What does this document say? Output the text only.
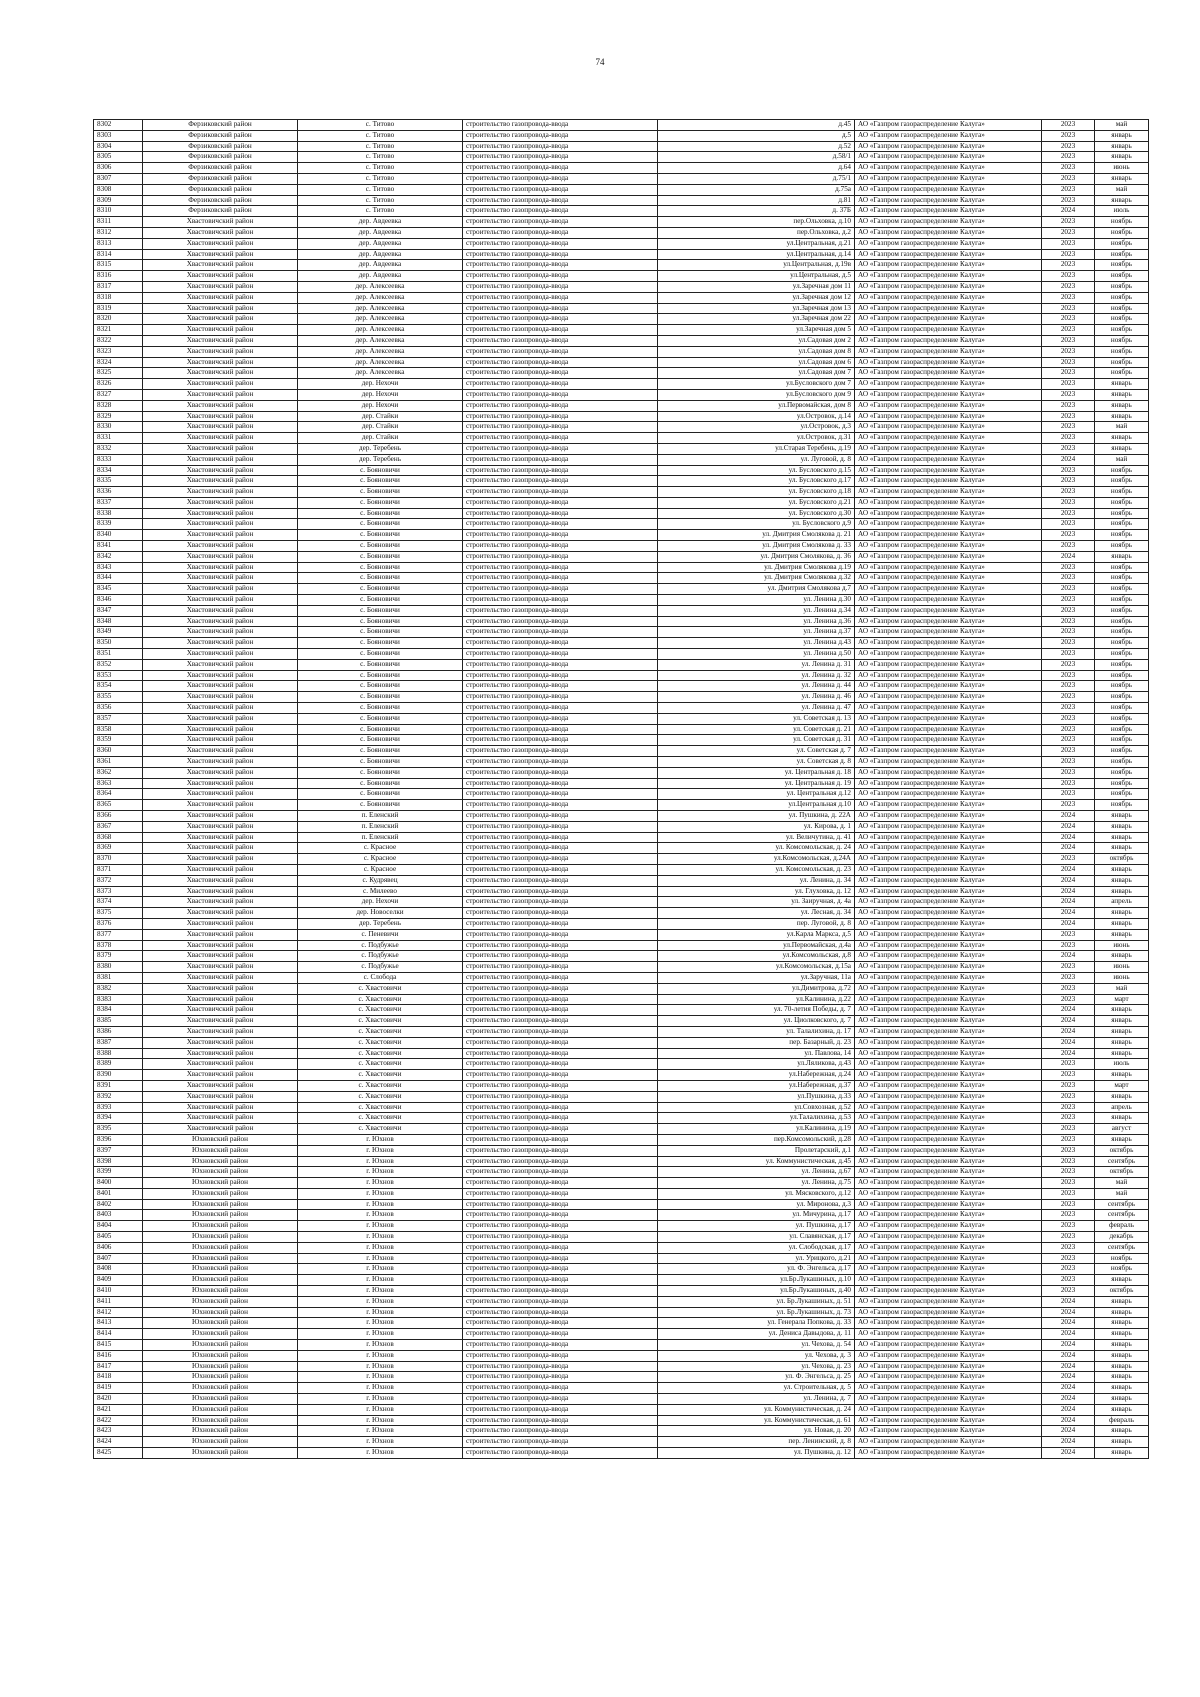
74
8302	Ферзиковский район	с. Титово	строительство газопровода-ввода	д.45	АО «Газпром газораспределение Калуга»	2023	май
8303	Ферзиковский район	с. Титово	строительство газопровода-ввода	д.5	АО «Газпром газораспределение Калуга»	2023	январь
8304	Ферзиковский район	с. Титово	строительство газопровода-ввода	д.52	АО «Газпром газораспределение Калуга»	2023	январь
8305	Ферзиковский район	с. Титово	строительство газопровода-ввода	д.58/1	АО «Газпром газораспределение Калуга»	2023	январь
8306	Ферзиковский район	с. Титово	строительство газопровода-ввода	д.64	АО «Газпром газораспределение Калуга»	2023	июнь
8307	Ферзиковский район	с. Титово	строительство газопровода-ввода	д.75/1	АО «Газпром газораспределение Калуга»	2023	январь
8308	Ферзиковский район	с. Титово	строительство газопровода-ввода	д.75а	АО «Газпром газораспределение Калуга»	2023	май
8309	Ферзиковский район	с. Титово	строительство газопровода-ввода	д.81	АО «Газпром газораспределение Калуга»	2023	январь
8310	Ферзиковский район	с. Титово	строительство газопровода-ввода	д. 37Б	АО «Газпром газораспределение Калуга»	2024	июль
8311	Хвастовичский район	дер. Авдеевка	строительство газопровода-ввода	пер.Ольховка, д.10	АО «Газпром газораспределение Калуга»	2023	ноябрь
8312	Хвастовичский район	дер. Авдеевка	строительство газопровода-ввода	пер.Ольховка, д.2	АО «Газпром газораспределение Калуга»	2023	ноябрь
8313	Хвастовичский район	дер. Авдеевка	строительство газопровода-ввода	ул.Центральная, д.21	АО «Газпром газораспределение Калуга»	2023	ноябрь
8314	Хвастовичский район	дер. Авдеевка	строительство газопровода-ввода	ул.Центральная, д.14	АО «Газпром газораспределение Калуга»	2023	ноябрь
8315	Хвастовичский район	дер. Авдеевка	строительство газопровода-ввода	ул.Центральная, д.19в	АО «Газпром газораспределение Калуга»	2023	ноябрь
8316	Хвастовичский район	дер. Авдеевка	строительство газопровода-ввода	ул.Центральная, д.5	АО «Газпром газораспределение Калуга»	2023	ноябрь
8317	Хвастовичский район	дер. Алексеевка	строительство газопровода-ввода	ул.Заречная дом 11	АО «Газпром газораспределение Калуга»	2023	ноябрь
8318	Хвастовичский район	дер. Алексеевка	строительство газопровода-ввода	ул.Заречная дом 12	АО «Газпром газораспределение Калуга»	2023	ноябрь
8319	Хвастовичский район	дер. Алексеевка	строительство газопровода-ввода	ул.Заречная дом 13	АО «Газпром газораспределение Калуга»	2023	ноябрь
8320	Хвастовичский район	дер. Алексеевка	строительство газопровода-ввода	ул.Заречная дом 22	АО «Газпром газораспределение Калуга»	2023	ноябрь
8321	Хвастовичский район	дер. Алексеевка	строительство газопровода-ввода	ул.Заречная дом 5	АО «Газпром газораспределение Калуга»	2023	ноябрь
8322	Хвастовичский район	дер. Алексеевка	строительство газопровода-ввода	ул.Садовая дом 2	АО «Газпром газораспределение Калуга»	2023	ноябрь
8323	Хвастовичский район	дер. Алексеевка	строительство газопровода-ввода	ул.Садовая дом 8	АО «Газпром газораспределение Калуга»	2023	ноябрь
8324	Хвастовичский район	дер. Алексеевка	строительство газопровода-ввода	ул.Садовая дом 6	АО «Газпром газораспределение Калуга»	2023	ноябрь
8325	Хвастовичский район	дер. Алексеевка	строительство газопровода-ввода	ул.Садовая дом 7	АО «Газпром газораспределение Калуга»	2023	ноябрь
8326	Хвастовичский район	дер. Нехочи	строительство газопровода-ввода	ул.Бусловского дом 7	АО «Газпром газораспределение Калуга»	2023	январь
8327	Хвастовичский район	дер. Нехочи	строительство газопровода-ввода	ул.Бусловского дом 9	АО «Газпром газораспределение Калуга»	2023	январь
8328	Хвастовичский район	дер. Нехочи	строительство газопровода-ввода	ул.Первомайская, дом 8	АО «Газпром газораспределение Калуга»	2023	январь
8329	Хвастовичский район	дер. Стайки	строительство газопровода-ввода	ул.Островок, д.14	АО «Газпром газораспределение Калуга»	2023	январь
8330	Хвастовичский район	дер. Стайки	строительство газопровода-ввода	ул.Островок, д.3	АО «Газпром газораспределение Калуга»	2023	май
8331	Хвастовичский район	дер. Стайки	строительство газопровода-ввода	ул.Островок, д.31	АО «Газпром газораспределение Калуга»	2023	январь
8332	Хвастовичский район	дер. Теребень	строительство газопровода-ввода	ул.Старая Теребень, д.19	АО «Газпром газораспределение Калуга»	2023	январь
8333	Хвастовичский район	дер. Теребень	строительство газопровода-ввода	ул. Луговой, д. 8	АО «Газпром газораспределение Калуга»	2024	май
8334	Хвастовичский район	с. Бояновичи	строительство газопровода-ввода	ул. Бусловского д.15	АО «Газпром газораспределение Калуга»	2023	ноябрь
8335	Хвастовичский район	с. Бояновичи	строительство газопровода-ввода	ул. Бусловского д.17	АО «Газпром газораспределение Калуга»	2023	ноябрь
8336	Хвастовичский район	с. Бояновичи	строительство газопровода-ввода	ул. Бусловского д.18	АО «Газпром газораспределение Калуга»	2023	ноябрь
8337	Хвастовичский район	с. Бояновичи	строительство газопровода-ввода	ул. Бусловского д.21	АО «Газпром газораспределение Калуга»	2023	ноябрь
8338	Хвастовичский район	с. Бояновичи	строительство газопровода-ввода	ул. Бусловского д.30	АО «Газпром газораспределение Калуга»	2023	ноябрь
8339	Хвастовичский район	с. Бояновичи	строительство газопровода-ввода	ул. Бусловского д.9	АО «Газпром газораспределение Калуга»	2023	ноябрь
8340	Хвастовичский район	с. Бояновичи	строительство газопровода-ввода	ул. Дмитрия Смолякова д. 21	АО «Газпром газораспределение Калуга»	2023	ноябрь
8341	Хвастовичский район	с. Бояновичи	строительство газопровода-ввода	ул. Дмитрия Смолякова д. 33	АО «Газпром газораспределение Калуга»	2023	ноябрь
8342	Хвастовичский район	с. Бояновичи	строительство газопровода-ввода	ул. Дмитрия Смолякова, д. 36	АО «Газпром газораспределение Калуга»	2024	январь
8343	Хвастовичский район	с. Бояновичи	строительство газопровода-ввода	ул. Дмитрия Смолякова д.19	АО «Газпром газораспределение Калуга»	2023	ноябрь
8344	Хвастовичский район	с. Бояновичи	строительство газопровода-ввода	ул. Дмитрия Смолякова д.32	АО «Газпром газораспределение Калуга»	2023	ноябрь
8345	Хвастовичский район	с. Бояновичи	строительство газопровода-ввода	ул. Дмитрия Смолякова д.7	АО «Газпром газораспределение Калуга»	2023	ноябрь
8346	Хвастовичский район	с. Бояновичи	строительство газопровода-ввода	ул. Ленина д.30	АО «Газпром газораспределение Калуга»	2023	ноябрь
8347	Хвастовичский район	с. Бояновичи	строительство газопровода-ввода	ул. Ленина д.34	АО «Газпром газораспределение Калуга»	2023	ноябрь
8348	Хвастовичский район	с. Бояновичи	строительство газопровода-ввода	ул. Ленина д.36	АО «Газпром газораспределение Калуга»	2023	ноябрь
8349	Хвастовичский район	с. Бояновичи	строительство газопровода-ввода	ул. Ленина д.37	АО «Газпром газораспределение Калуга»	2023	ноябрь
8350	Хвастовичский район	с. Бояновичи	строительство газопровода-ввода	ул. Ленина д.43	АО «Газпром газораспределение Калуга»	2023	ноябрь
8351	Хвастовичский район	с. Бояновичи	строительство газопровода-ввода	ул. Ленина д.50	АО «Газпром газораспределение Калуга»	2023	ноябрь
8352	Хвастовичский район	с. Бояновичи	строительство газопровода-ввода	ул. Ленина д. 31	АО «Газпром газораспределение Калуга»	2023	ноябрь
8353	Хвастовичский район	с. Бояновичи	строительство газопровода-ввода	ул. Ленина д. 32	АО «Газпром газораспределение Калуга»	2023	ноябрь
8354	Хвастовичский район	с. Бояновичи	строительство газопровода-ввода	ул. Ленина д. 44	АО «Газпром газораспределение Калуга»	2023	ноябрь
8355	Хвастовичский район	с. Бояновичи	строительство газопровода-ввода	ул. Ленина д. 46	АО «Газпром газораспределение Калуга»	2023	ноябрь
8356	Хвастовичский район	с. Бояновичи	строительство газопровода-ввода	ул. Ленина д. 47	АО «Газпром газораспределение Калуга»	2023	ноябрь
8357	Хвастовичский район	с. Бояновичи	строительство газопровода-ввода	ул. Советская д. 13	АО «Газпром газораспределение Калуга»	2023	ноябрь
8358	Хвастовичский район	с. Бояновичи	строительство газопровода-ввода	ул. Советская д. 21	АО «Газпром газораспределение Калуга»	2023	ноябрь
8359	Хвастовичский район	с. Бояновичи	строительство газопровода-ввода	ул. Советская д. 31	АО «Газпром газораспределение Калуга»	2023	ноябрь
8360	Хвастовичский район	с. Бояновичи	строительство газопровода-ввода	ул. Советская д. 7	АО «Газпром газораспределение Калуга»	2023	ноябрь
8361	Хвастовичский район	с. Бояновичи	строительство газопровода-ввода	ул. Советская д. 8	АО «Газпром газораспределение Калуга»	2023	ноябрь
8362	Хвастовичский район	с. Бояновичи	строительство газопровода-ввода	ул. Центральная д. 18	АО «Газпром газораспределение Калуга»	2023	ноябрь
8363	Хвастовичский район	с. Бояновичи	строительство газопровода-ввода	ул. Центральная д. 19	АО «Газпром газораспределение Калуга»	2023	ноябрь
8364	Хвастовичский район	с. Бояновичи	строительство газопровода-ввода	ул. Центральная д.12	АО «Газпром газораспределение Калуга»	2023	ноябрь
8365	Хвастовичский район	с. Бояновичи	строительство газопровода-ввода	ул.Центральная д.10	АО «Газпром газораспределение Калуга»	2023	ноябрь
8366	Хвастовичский район	п. Еленский	строительство газопровода-ввода	ул. Пушкина, д. 22А	АО «Газпром газораспределение Калуга»	2024	январь
8367	Хвастовичский район	п. Еленский	строительство газопровода-ввода	ул. Кирова, д. 1	АО «Газпром газораспределение Калуга»	2024	январь
8368	Хвастовичский район	п. Еленский	строительство газопровода-ввода	ул. Величутина, д. 41	АО «Газпром газораспределение Калуга»	2024	январь
8369	Хвастовичский район	с. Красное	строительство газопровода-ввода	ул. Комсомольская, д. 24	АО «Газпром газораспределение Калуга»	2024	январь
8370	Хвастовичский район	с. Красное	строительство газопровода-ввода	ул.Комсомольская, д.24А	АО «Газпром газораспределение Калуга»	2023	октябрь
8371	Хвастовичский район	с. Красное	строительство газопровода-ввода	ул. Комсомольская, д. 23	АО «Газпром газораспределение Калуга»	2024	январь
8372	Хвастовичский район	с. Кудрявец	строительство газопровода-ввода	ул. Ленина, д. 34	АО «Газпром газораспределение Калуга»	2024	январь
8373	Хвастовичский район	с. Милеево	строительство газопровода-ввода	ул. Глуховка, д. 12	АО «Газпром газораспределение Калуга»	2024	январь
8374	Хвастовичский район	дер. Нехочи	строительство газопровода-ввода	ул. Заиручная, д. 4а	АО «Газпром газораспределение Калуга»	2024	апрель
8375	Хвастовичский район	дер. Новоселки	строительство газопровода-ввода	ул. Лесная, д. 34	АО «Газпром газораспределение Калуга»	2024	январь
8376	Хвастовичский район	дер. Теребень	строительство газопровода-ввода	пер. Луговой, д. 8	АО «Газпром газораспределение Калуга»	2024	январь
8377	Хвастовичский район	с. Пеневичи	строительство газопровода-ввода	ул.Карла Маркса, д.5	АО «Газпром газораспределение Калуга»	2023	январь
8378	Хвастовичский район	с. Подбужье	строительство газопровода-ввода	ул.Первомайская, д.4а	АО «Газпром газораспределение Калуга»	2023	июнь
8379	Хвастовичский район	с. Подбужье	строительство газопровода-ввода	ул.Комсомольская, д.8	АО «Газпром газораспределение Калуга»	2024	январь
8380	Хвастовичский район	с. Подбужье	строительство газопровода-ввода	ул.Комсомольская, д.15а	АО «Газпром газораспределение Калуга»	2023	июнь
8381	Хвастовичский район	с. Слобода	строительство газопровода-ввода	ул.Заручная, 11а	АО «Газпром газораспределение Калуга»	2023	июнь
8382	Хвастовичский район	с. Хвастовичи	строительство газопровода-ввода	ул.Димитрова, д.72	АО «Газпром газораспределение Калуга»	2023	май
8383	Хвастовичский район	с. Хвастовичи	строительство газопровода-ввода	ул.Калинина, д.22	АО «Газпром газораспределение Калуга»	2023	март
8384	Хвастовичский район	с. Хвастовичи	строительство газопровода-ввода	ул. 70-летия Победы, д. 7	АО «Газпром газораспределение Калуга»	2024	январь
8385	Хвастовичский район	с. Хвастовичи	строительство газопровода-ввода	ул. Циолковского, д. 7	АО «Газпром газораспределение Калуга»	2024	январь
8386	Хвастовичский район	с. Хвастовичи	строительство газопровода-ввода	ул. Талалихина, д. 17	АО «Газпром газораспределение Калуга»	2024	январь
8387	Хвастовичский район	с. Хвастовичи	строительство газопровода-ввода	пер. Базарный, д. 23	АО «Газпром газораспределение Калуга»	2024	январь
8388	Хвастовичский район	с. Хвастовичи	строительство газопровода-ввода	ул. Павлова, 14	АО «Газпром газораспределение Калуга»	2024	январь
8389	Хвастовичский район	с. Хвастовичи	строительство газопровода-ввода	ул.Ляликова, д.43	АО «Газпром газораспределение Калуга»	2023	июль
8390	Хвастовичский район	с. Хвастовичи	строительство газопровода-ввода	ул.Набережная, д.24	АО «Газпром газораспределение Калуга»	2023	январь
8391	Хвастовичский район	с. Хвастовичи	строительство газопровода-ввода	ул.Набережная, д.37	АО «Газпром газораспределение Калуга»	2023	март
8392	Хвастовичский район	с. Хвастовичи	строительство газопровода-ввода	ул.Пушкина, д.33	АО «Газпром газораспределение Калуга»	2023	январь
8393	Хвастовичский район	с. Хвастовичи	строительство газопровода-ввода	ул.Совхозная, д.52	АО «Газпром газораспределение Калуга»	2023	апрель
8394	Хвастовичский район	с. Хвастовичи	строительство газопровода-ввода	ул.Талалихина, д.53	АО «Газпром газораспределение Калуга»	2023	январь
8395	Хвастовичский район	с. Хвастовичи	строительство газопровода-ввода	ул.Калинина, д.19	АО «Газпром газораспределение Калуга»	2023	август
8396	Юхновский район	г. Юхнов	строительство газопровода-ввода	пер.Комсомольский, д.28	АО «Газпром газораспределение Калуга»	2023	январь
8397	Юхновский район	г. Юхнов	строительство газопровода-ввода	Пролетарский, д.1	АО «Газпром газораспределение Калуга»	2023	октябрь
8398	Юхновский район	г. Юхнов	строительство газопровода-ввода	ул. Коммунистическая, д.45	АО «Газпром газораспределение Калуга»	2023	сентябрь
8399	Юхновский район	г. Юхнов	строительство газопровода-ввода	ул. Ленина, д.67	АО «Газпром газораспределение Калуга»	2023	октябрь
8400	Юхновский район	г. Юхнов	строительство газопровода-ввода	ул. Ленина, д.75	АО «Газпром газораспределение Калуга»	2023	май
8401	Юхновский район	г. Юхнов	строительство газопровода-ввода	ул. Мясковского, д.12	АО «Газпром газораспределение Калуга»	2023	май
8402	Юхновский район	г. Юхнов	строительство газопровода-ввода	ул. Миронова, д.3	АО «Газпром газораспределение Калуга»	2023	сентябрь
8403	Юхновский район	г. Юхнов	строительство газопровода-ввода	ул. Мичурина, д.17	АО «Газпром газораспределение Калуга»	2023	сентябрь
8404	Юхновский район	г. Юхнов	строительство газопровода-ввода	ул. Пушкина, д.17	АО «Газпром газораспределение Калуга»	2023	февраль
8405	Юхновский район	г. Юхнов	строительство газопровода-ввода	ул. Славянская, д.17	АО «Газпром газораспределение Калуга»	2023	декабрь
8406	Юхновский район	г. Юхнов	строительство газопровода-ввода	ул. Слободская, д.17	АО «Газпром газораспределение Калуга»	2023	сентябрь
8407	Юхновский район	г. Юхнов	строительство газопровода-ввода	ул. Урицкого, д.21	АО «Газпром газораспределение Калуга»	2023	ноябрь
8408	Юхновский район	г. Юхнов	строительство газопровода-ввода	ул. Ф. Энгельса, д.17	АО «Газпром газораспределение Калуга»	2023	ноябрь
8409	Юхновский район	г. Юхнов	строительство газопровода-ввода	ул.Бр.Лукашиных, д.10	АО «Газпром газораспределение Калуга»	2023	январь
8410	Юхновский район	г. Юхнов	строительство газопровода-ввода	ул.Бр.Лукашиных, д.40	АО «Газпром газораспределение Калуга»	2023	октябрь
8411	Юхновский район	г. Юхнов	строительство газопровода-ввода	ул. Бр.Лукашиных, д. 51	АО «Газпром газораспределение Калуга»	2024	январь
8412	Юхновский район	г. Юхнов	строительство газопровода-ввода	ул. Бр.Лукашиных, д. 73	АО «Газпром газораспределение Калуга»	2024	январь
8413	Юхновский район	г. Юхнов	строительство газопровода-ввода	ул. Генерала Попкова, д. 33	АО «Газпром газораспределение Калуга»	2024	январь
8414	Юхновский район	г. Юхнов	строительство газопровода-ввода	ул. Дениса Давыдова, д. 11	АО «Газпром газораспределение Калуга»	2024	январь
8415	Юхновский район	г. Юхнов	строительство газопровода-ввода	ул. Чехова, д. 54	АО «Газпром газораспределение Калуга»	2024	январь
8416	Юхновский район	г. Юхнов	строительство газопровода-ввода	ул. Чехова, д. 3	АО «Газпром газораспределение Калуга»	2024	январь
8417	Юхновский район	г. Юхнов	строительство газопровода-ввода	ул. Чехова, д. 23	АО «Газпром газораспределение Калуга»	2024	январь
8418	Юхновский район	г. Юхнов	строительство газопровода-ввода	ул. Ф. Энгельса, д. 25	АО «Газпром газораспределение Калуга»	2024	январь
8419	Юхновский район	г. Юхнов	строительство газопровода-ввода	ул. Строительная, д. 5	АО «Газпром газораспределение Калуга»	2024	январь
8420	Юхновский район	г. Юхнов	строительство газопровода-ввода	ул. Ленина, д. 7	АО «Газпром газораспределение Калуга»	2024	январь
8421	Юхновский район	г. Юхнов	строительство газопровода-ввода	ул. Коммунистическая, д. 24	АО «Газпром газораспределение Калуга»	2024	январь
8422	Юхновский район	г. Юхнов	строительство газопровода-ввода	ул. Коммунистическая, д. 61	АО «Газпром газораспределение Калуга»	2024	февраль
8423	Юхновский район	г. Юхнов	строительство газопровода-ввода	ул. Новая, д. 20	АО «Газпром газораспределение Калуга»	2024	январь
8424	Юхновский район	г. Юхнов	строительство газопровода-ввода	пер. Ленинский, д. 8	АО «Газпром газораспределение Калуга»	2024	январь
8425	Юхновский район	г. Юхнов	строительство газопровода-ввода	ул. Пушкина, д. 12	АО «Газпром газораспределение Калуга»	2024	январь
